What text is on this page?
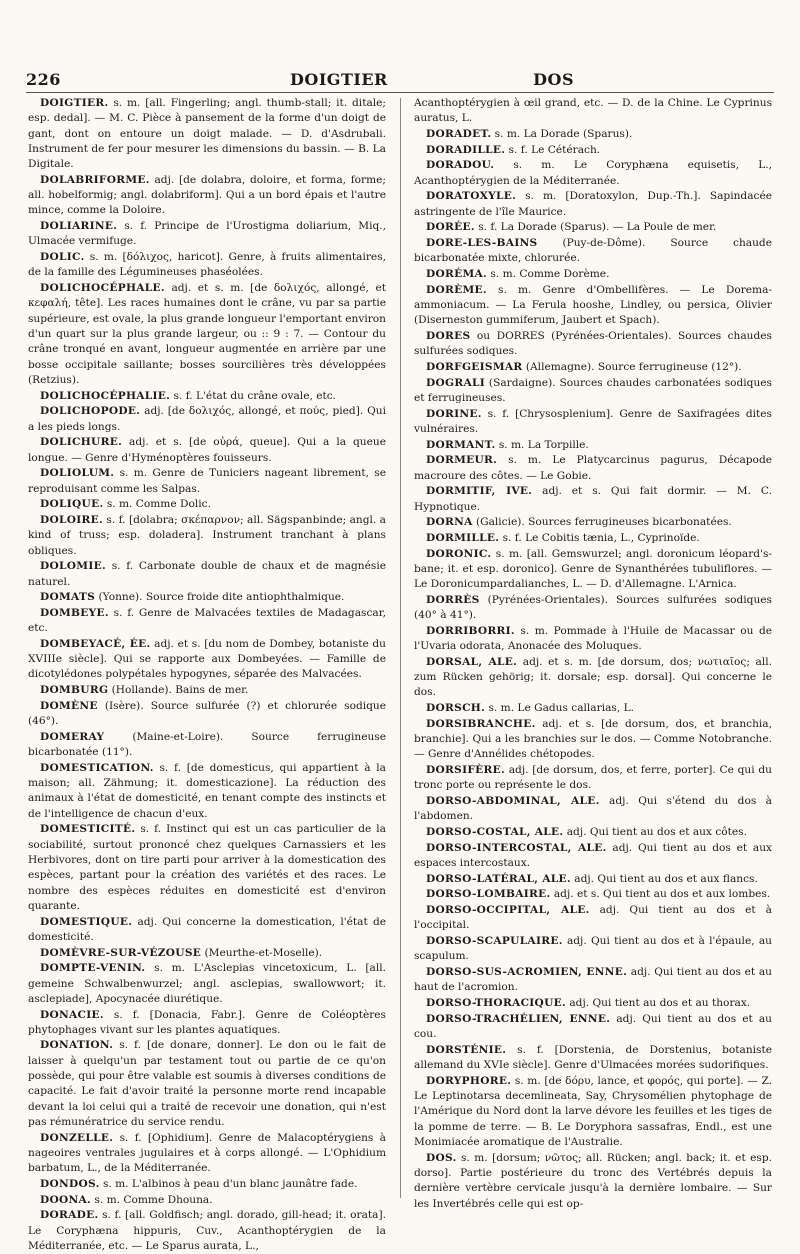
226	DOIGTIER	DOS

DOIGTIER. s. m. [all. Fingerling; angl. thumb-stall; it. ditale; esp. dedal]. — M. C. Pièce à pansement de la forme d'un doigt de gant, dont on entoure un doigt malade. — D. d'Asdrubali. Instrument de fer pour mesurer les dimensions du bassin. — B. La Digitale.

DOLABRIFORME. adj. [de dolabra, doloire, et forma, forme; all. hobelformig; angl. dolabriform]. Qui a un bord épais et l'autre mince, comme la Doloire.

DOLIARINE. s. f. Principe de l'Urostigma doliarium, Miq., Ulmacée vermifuge.

DOLIC. s. m. [δόλιχος, haricot]. Genre, à fruits alimentaires, de la famille des Légumineuses phaséolées.

DOLICHOCÉPHALE. adj. et s. m. [de δολιχός, allongé, et κεφαλή, tête]. Les races humaines dont le crâne, vu par sa partie supérieure, est ovale, la plus grande longueur l'emportant environ d'un quart sur la plus grande largeur, ou :: 9 : 7. — Contour du crâne tronqué en avant, longueur augmentée en arrière par une bosse occipitale saillante; bosses sourcilières très développées (Retzius).

DOLICHOCÉPHALIE. s. f. L'état du crâne ovale, etc.

DOLICHOPODE. adj. [de δολιχός, allongé, et πούς, pied]. Qui a les pieds longs.

DOLICHURE. adj. et s. [de οὐρά, queue]. Qui a la queue longue. — Genre d'Hyménoptères fouisseurs.

DOLIOLUM. s. m. Genre de Tuniciers nageant librement, se reproduisant comme les Salpas.

DOLIQUE. s. m. Comme Dolic.

DOLOIRE. s. f. [dolabra; σκέπαρνον; all. Sägspanbinde; angl. a kind of truss; esp. doladera]. Instrument tranchant à plans obliques.

DOLOMIE. s. f. Carbonate double de chaux et de magnésie naturel.

DOMATS (Yonne). Source froide dite antiophthalmique.

DOMBEYE. s. f. Genre de Malvacées textiles de Madagascar, etc.

DOMBEYACÉ, ÉE. adj. et s. [du nom de Dombey, botaniste du XVIIIe siècle]. Qui se rapporte aux Dombeyées. — Famille de dicotylédones polypétales hypogynes, séparée des Malvacées.

DOMBURG (Hollande). Bains de mer.

DOMÈNE (Isère). Source sulfurée (?) et chlorurée sodique (46°).

DOMERAY (Maine-et-Loire). Source ferrugineuse bicarbonatée (11°).

DOMESTICATION. s. f. [de domesticus, qui appartient à la maison; all. Zähmung; it. domesticazione]. La réduction des animaux à l'état de domesticité, en tenant compte des instincts et de l'intelligence de chacun d'eux.

DOMESTICITÉ. s. f. Instinct qui est un cas particulier de la sociabilité, surtout prononcé chez quelques Carnassiers et les Herbivores, dont on tire parti pour arriver à la domestication des espèces, partant pour la création des variétés et des races. Le nombre des espèces réduites en domesticité est d'environ quarante.

DOMESTIQUE. adj. Qui concerne la domestication, l'état de domesticité.

DOMÈVRE-SUR-VÉZOUSE (Meurthe-et-Moselle).

DOMPTE-VENIN. s. m. L'Asclepias vincetoxicum, L. [all. gemeine Schwalbenwurzel; angl. asclepias, swallowwort; it. asclepiade], Apocynacée diurétique.

DONACIE. s. f. [Donacia, Fabr.]. Genre de Coléoptères phytophages vivant sur les plantes aquatiques.

DONATION. s. f. [de donare, donner]. Le don ou le fait de laisser à quelqu'un par testament tout ou partie de ce qu'on possède, qui pour être valable est soumis à diverses conditions de capacité. Le fait d'avoir traité la personne morte rend incapable devant la loi celui qui a traité de recevoir une donation, qui n'est pas rémunératrice du service rendu.

DONZELLE. s. f. [Ophidium]. Genre de Malacoptérygiens à nageoires ventrales jugulaires et à corps allongé. — L'Ophidium barbatum, L., de la Méditerranée.

DONDOS. s. m. L'albinos à peau d'un blanc jaunâtre fade.

DOONA. s. m. Comme Dhouna.

DORADE. s. f. [all. Goldfisch; angl. dorado, gill-head; it. orata]. Le Coryphæna hippuris, Cuv., Acanthoptérygien de la Méditerranée, etc. — Le Sparus aurata, L.,

Acanthoptérygien à œil grand, etc. — D. de la Chine. Le Cyprinus auratus, L.

DORADET. s. m. La Dorade (Sparus).

DORADILLE. s. f. Le Cétérach.

DORADOU. s. m. Le Coryphæna equisetis, L., Acanthoptérygien de la Méditerranée.

DORATOXYLE. s. m. [Doratoxylon, Dup.-Th.]. Sapindacée astringente de l'île Maurice.

DORÉE. s. f. La Dorade (Sparus). — La Poule de mer.

DORE-LES-BAINS (Puy-de-Dôme). Source chaude bicarbonatée mixte, chlorurée.

DORÉMA. s. m. Comme Dorème.

DORÈME. s. m. Genre d'Ombellifères. — Le Dorema-ammoniacum. — La Ferula hooshe, Lindley, ou persica, Olivier (Diserneston gummiferum, Jaubert et Spach).

DORES ou DORRES (Pyrénées-Orientales). Sources chaudes sulfurées sodiques.

DORFGEISMAR (Allemagne). Source ferrugineuse (12°).

DOGRALI (Sardaigne). Sources chaudes carbonatées sodiques et ferrugineuses.

DORINE. s. f. [Chrysosplenium]. Genre de Saxifragées dites vulnéraires.

DORMANT. s. m. La Torpille.

DORMEUR. s. m. Le Platycarcinus pagurus, Décapode macroure des côtes. — Le Gobie.

DORMITIF, IVE. adj. et s. Qui fait dormir. — M. C. Hypnotique.

DORNA (Galicie). Sources ferrugineuses bicarbonatées.

DORMILLE. s. f. Le Cobitis tænia, L., Cyprinoïde.

DORONIC. s. m. [all. Gemswurzel; angl. doronicum léopard's-bane; it. et esp. doronico]. Genre de Synanthérées tubuliflores. — Le Doronicumpardalianches, L. — D. d'Allemagne. L'Arnica.

DORRÈS (Pyrénées-Orientales). Sources sulfurées sodiques (40° à 41°).

DORRIBORRI. s. m. Pommade à l'Huile de Macassar ou de l'Uvaria odorata, Anonacée des Moluques.

DORSAL, ALE. adj. et s. m. [de dorsum, dos; νωτιαῖος; all. zum Rücken gehörig; it. dorsale; esp. dorsal]. Qui concerne le dos.

DORSCH. s. m. Le Gadus callarias, L.

DORSIBRANCHE. adj. et s. [de dorsum, dos, et branchia, branchie]. Qui a les branchies sur le dos. — Comme Notobranche. — Genre d'Annélides chétopodes.

DORSIFÈRE. adj. [de dorsum, dos, et ferre, porter]. Ce qui du tronc porte ou représente le dos.

DORSO-ABDOMINAL, ALE. adj. Qui s'étend du dos à l'abdomen.

DORSO-COSTAL, ALE. adj. Qui tient au dos et aux côtes.

DORSO-INTERCOSTAL, ALE. adj. Qui tient au dos et aux espaces intercostaux.

DORSO-LATÉRAL, ALE. adj. Qui tient au dos et aux flancs.

DORSO-LOMBAIRE. adj. et s. Qui tient au dos et aux lombes.

DORSO-OCCIPITAL, ALE. adj. Qui tient au dos et à l'occipital.

DORSO-SCAPULAIRE. adj. Qui tient au dos et à l'épaule, au scapulum.

DORSO-SUS-ACROMIEN, ENNE. adj. Qui tient au dos et au haut de l'acromion.

DORSO-THORACIQUE. adj. Qui tient au dos et au thorax.

DORSO-TRACHÉLIEN, ENNE. adj. Qui tient au dos et au cou.

DORSTÉNIE. s. f. [Dorstenia, de Dorstenius, botaniste allemand du XVIe siècle]. Genre d'Ulmacées morées sudorifiques.

DORYPHORE. s. m. [de δόρυ, lance, et φορός, qui porte]. — Z. Le Leptinotarsa decemlineata, Say, Chrysomélien phytophage de l'Amérique du Nord dont la larve dévore les feuilles et les tiges de la pomme de terre. — B. Le Doryphora sassafras, Endl., est une Monimiacée aromatique de l'Australie.

DOS. s. m. [dorsum; νῶτος; all. Rücken; angl. back; it. et esp. dorso]. Partie postérieure du tronc des Vertébrés depuis la dernière vertèbre cervicale jusqu'à la dernière lombaire. — Sur les Invertébrés celle qui est op-
